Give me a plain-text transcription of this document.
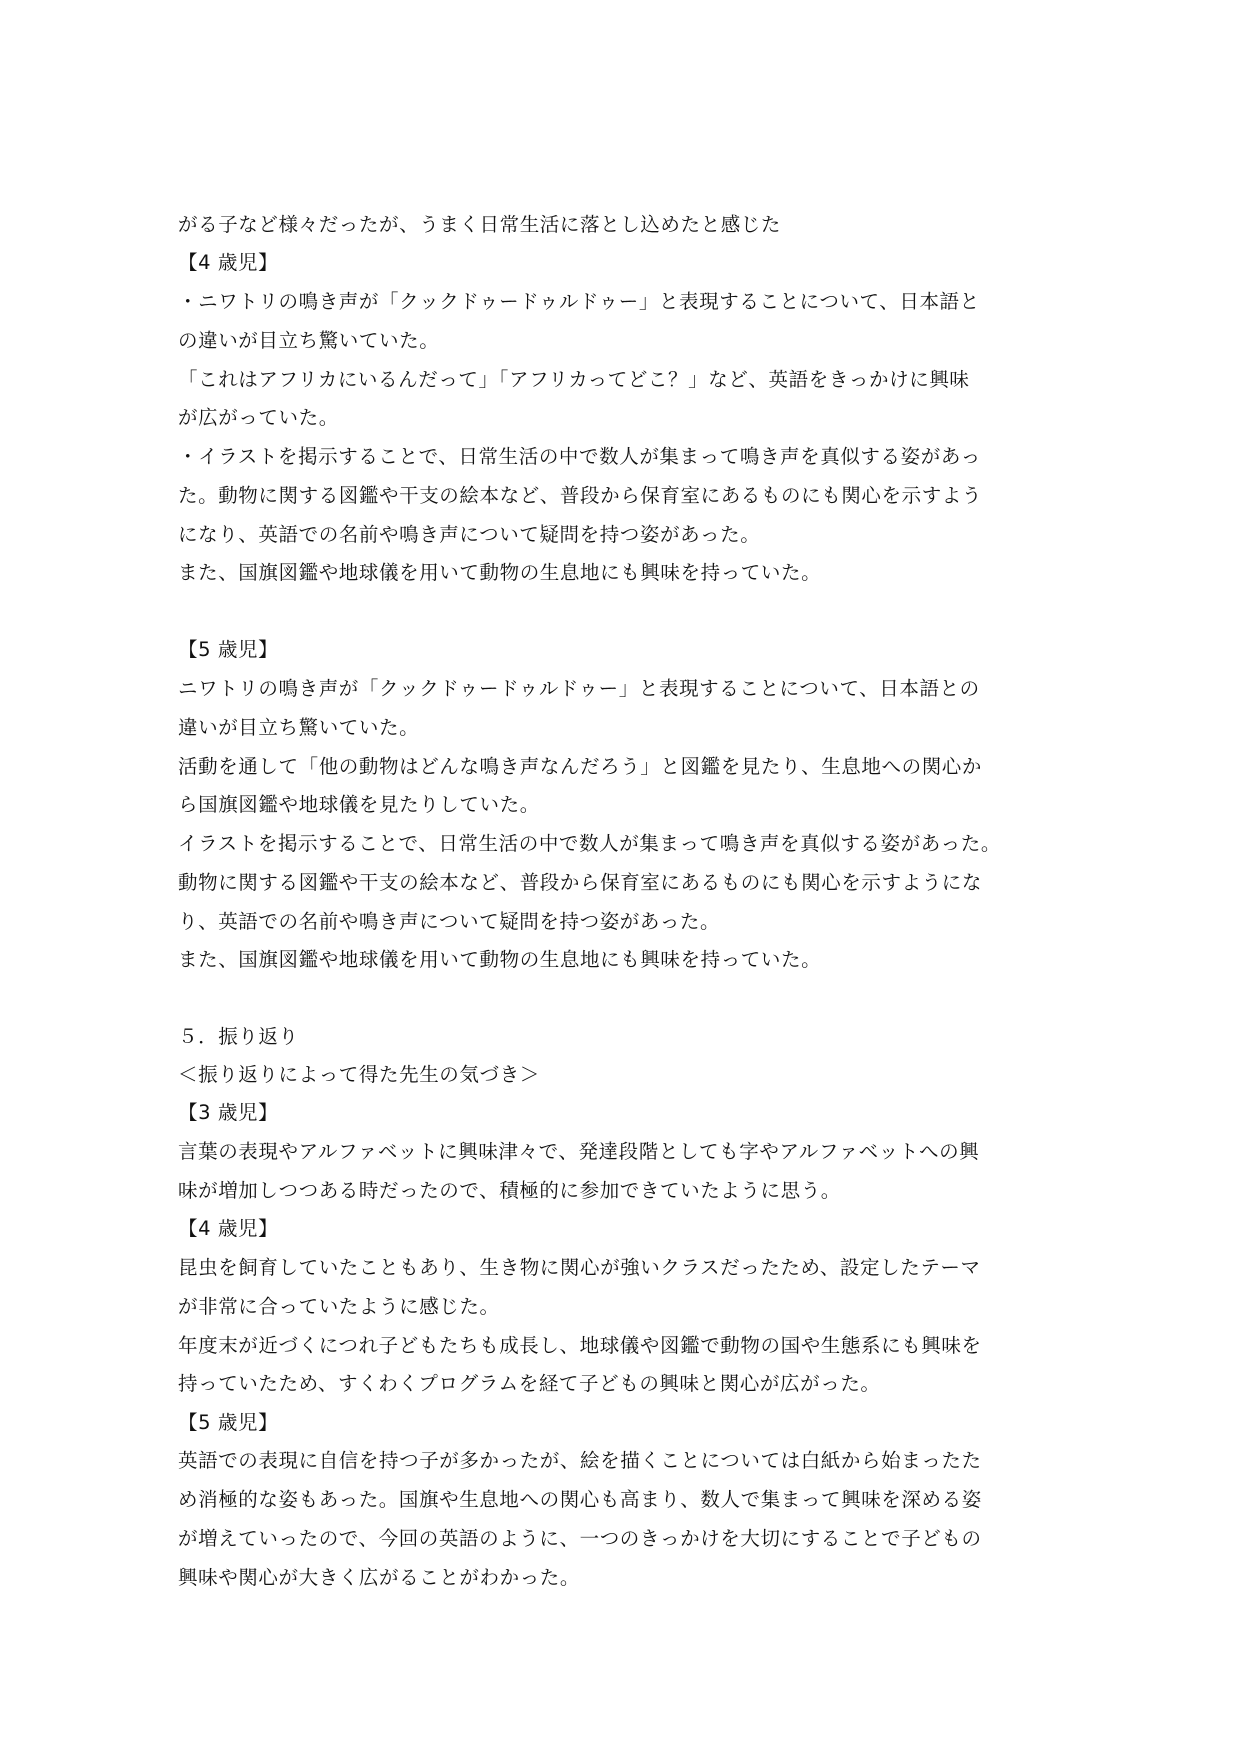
がる子など様々だったが、うまく日常生活に落とし込めたと感じた
【4 歳児】
・ニワトリの鳴き声が「クックドゥードゥルドゥー」と表現することについて、日本語と
の違いが目立ち驚いていた。
「これはアフリカにいるんだって」「アフリカってどこ？」など、英語をきっかけに興味
が広がっていた。
・イラストを掲示することで、日常生活の中で数人が集まって鳴き声を真似する姿があっ
た。動物に関する図鑑や干支の絵本など、普段から保育室にあるものにも関心を示すよう
になり、英語での名前や鳴き声について疑問を持つ姿があった。
また、国旗図鑑や地球儀を用いて動物の生息地にも興味を持っていた。
【5 歳児】
ニワトリの鳴き声が「クックドゥードゥルドゥー」と表現することについて、日本語との
違いが目立ち驚いていた。
活動を通して「他の動物はどんな鳴き声なんだろう」と図鑑を見たり、生息地への関心か
ら国旗図鑑や地球儀を見たりしていた。
イラストを掲示することで、日常生活の中で数人が集まって鳴き声を真似する姿があった。
動物に関する図鑑や干支の絵本など、普段から保育室にあるものにも関心を示すようにな
り、英語での名前や鳴き声について疑問を持つ姿があった。
また、国旗図鑑や地球儀を用いて動物の生息地にも興味を持っていた。
５．振り返り
＜振り返りによって得た先生の気づき＞
【3 歳児】
言葉の表現やアルファベットに興味津々で、発達段階としても字やアルファベットへの興
味が増加しつつある時だったので、積極的に参加できていたように思う。
【4 歳児】
昆虫を飼育していたこともあり、生き物に関心が強いクラスだったため、設定したテーマ
が非常に合っていたように感じた。
年度末が近づくにつれ子どもたちも成長し、地球儀や図鑑で動物の国や生態系にも興味を
持っていたため、すくわくプログラムを経て子どもの興味と関心が広がった。
【5 歳児】
英語での表現に自信を持つ子が多かったが、絵を描くことについては白紙から始まったた
め消極的な姿もあった。国旗や生息地への関心も高まり、数人で集まって興味を深める姿
が増えていったので、今回の英語のように、一つのきっかけを大切にすることで子どもの
興味や関心が大きく広がることがわかった。
